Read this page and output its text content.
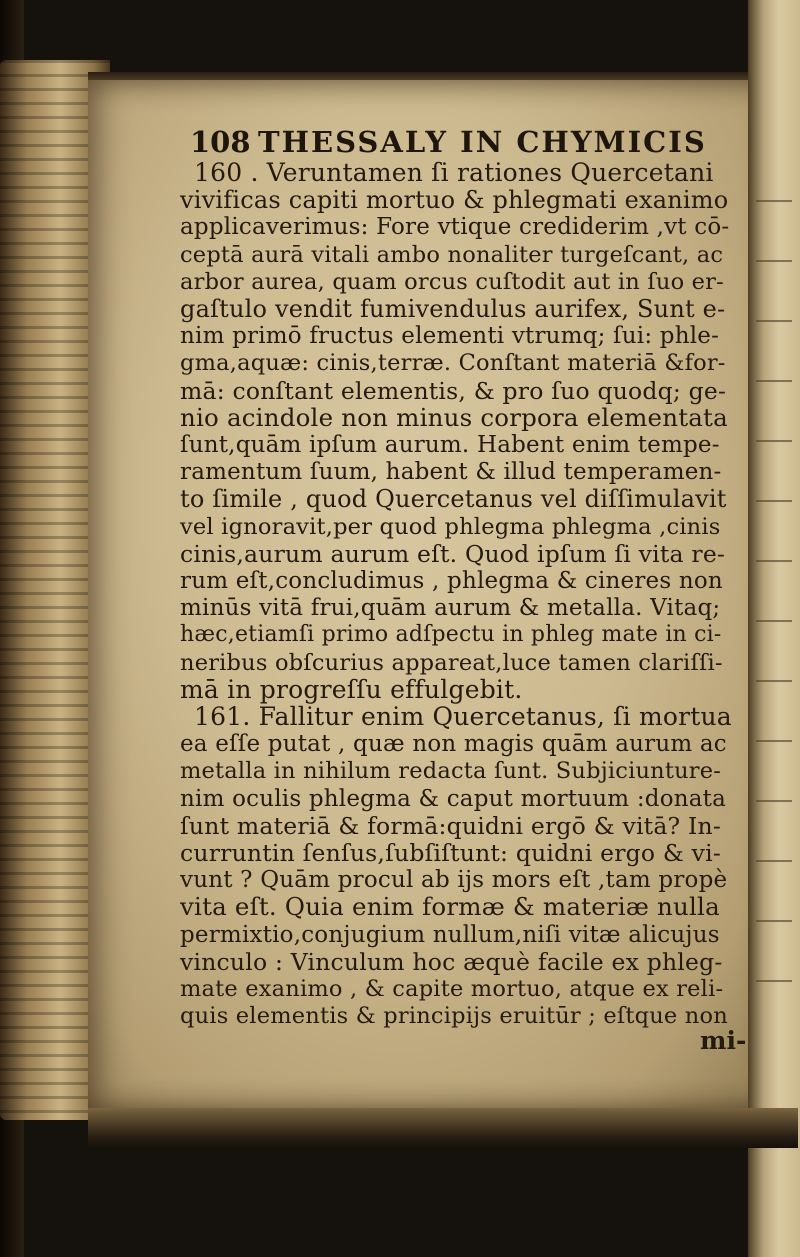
108 THESSALY IN CHYMICIS
160 . Veruntamen ſi rationes Quercetani
vivificas capiti mortuo & phlegmati exanimo
applicaverimus: Fore vtique crediderim ,vt cō-
ceptā aurā vitali ambo nonaliter turgeſcant, ac
arbor aurea, quam orcus cuſtodit aut in ſuo er-
gaſtulo vendit fumivendulus aurifex, Sunt e-
nim primō fructus elementi vtrumq; ſui: phle-
gma,aquæ: cinis,terræ. Conſtant materiā &for-
mā: conſtant elementis, & pro ſuo quodq; ge-
nio acindole non minus corpora elementata
ſunt,quām ipſum aurum. Habent enim tempe-
ramentum ſuum, habent & illud temperamen-
to ſimile , quod Quercetanus vel diſſimulavit
vel ignoravit,per quod phlegma phlegma ,cinis
cinis,aurum aurum eſt. Quod ipſum ſi vita re-
rum eſt,concludimus , phlegma & cineres non
minūs vitā frui,quām aurum & metalla. Vitaq;
hæc,etiamſi primo adſpectu in phleg mate in ci-
neribus obſcurius appareat,luce tamen clariſſi-
mā in progreſſu effulgebit.
161. Fallitur enim Quercetanus, ſi mortua
ea eſſe putat , quæ non magis quām aurum ac
metalla in nihilum redacta ſunt. Subjiciunture-
nim oculis phlegma & caput mortuum :donata
ſunt materiā & formā:quidni ergō & vitā? In-
curruntin ſenſus,ſubſiſtunt: quidni ergo & vi-
vunt ? Quām procul ab ijs mors eſt ,tam propè
vita eſt. Quia enim formæ & materiæ nulla
permixtio,conjugium nullum,niſi vitæ alicujus
vinculo : Vinculum hoc æquè facile ex phleg-
mate exanimo , & capite mortuo, atque ex reli-
quis elementis & principijs eruitūr ; eſtque non
mi-
